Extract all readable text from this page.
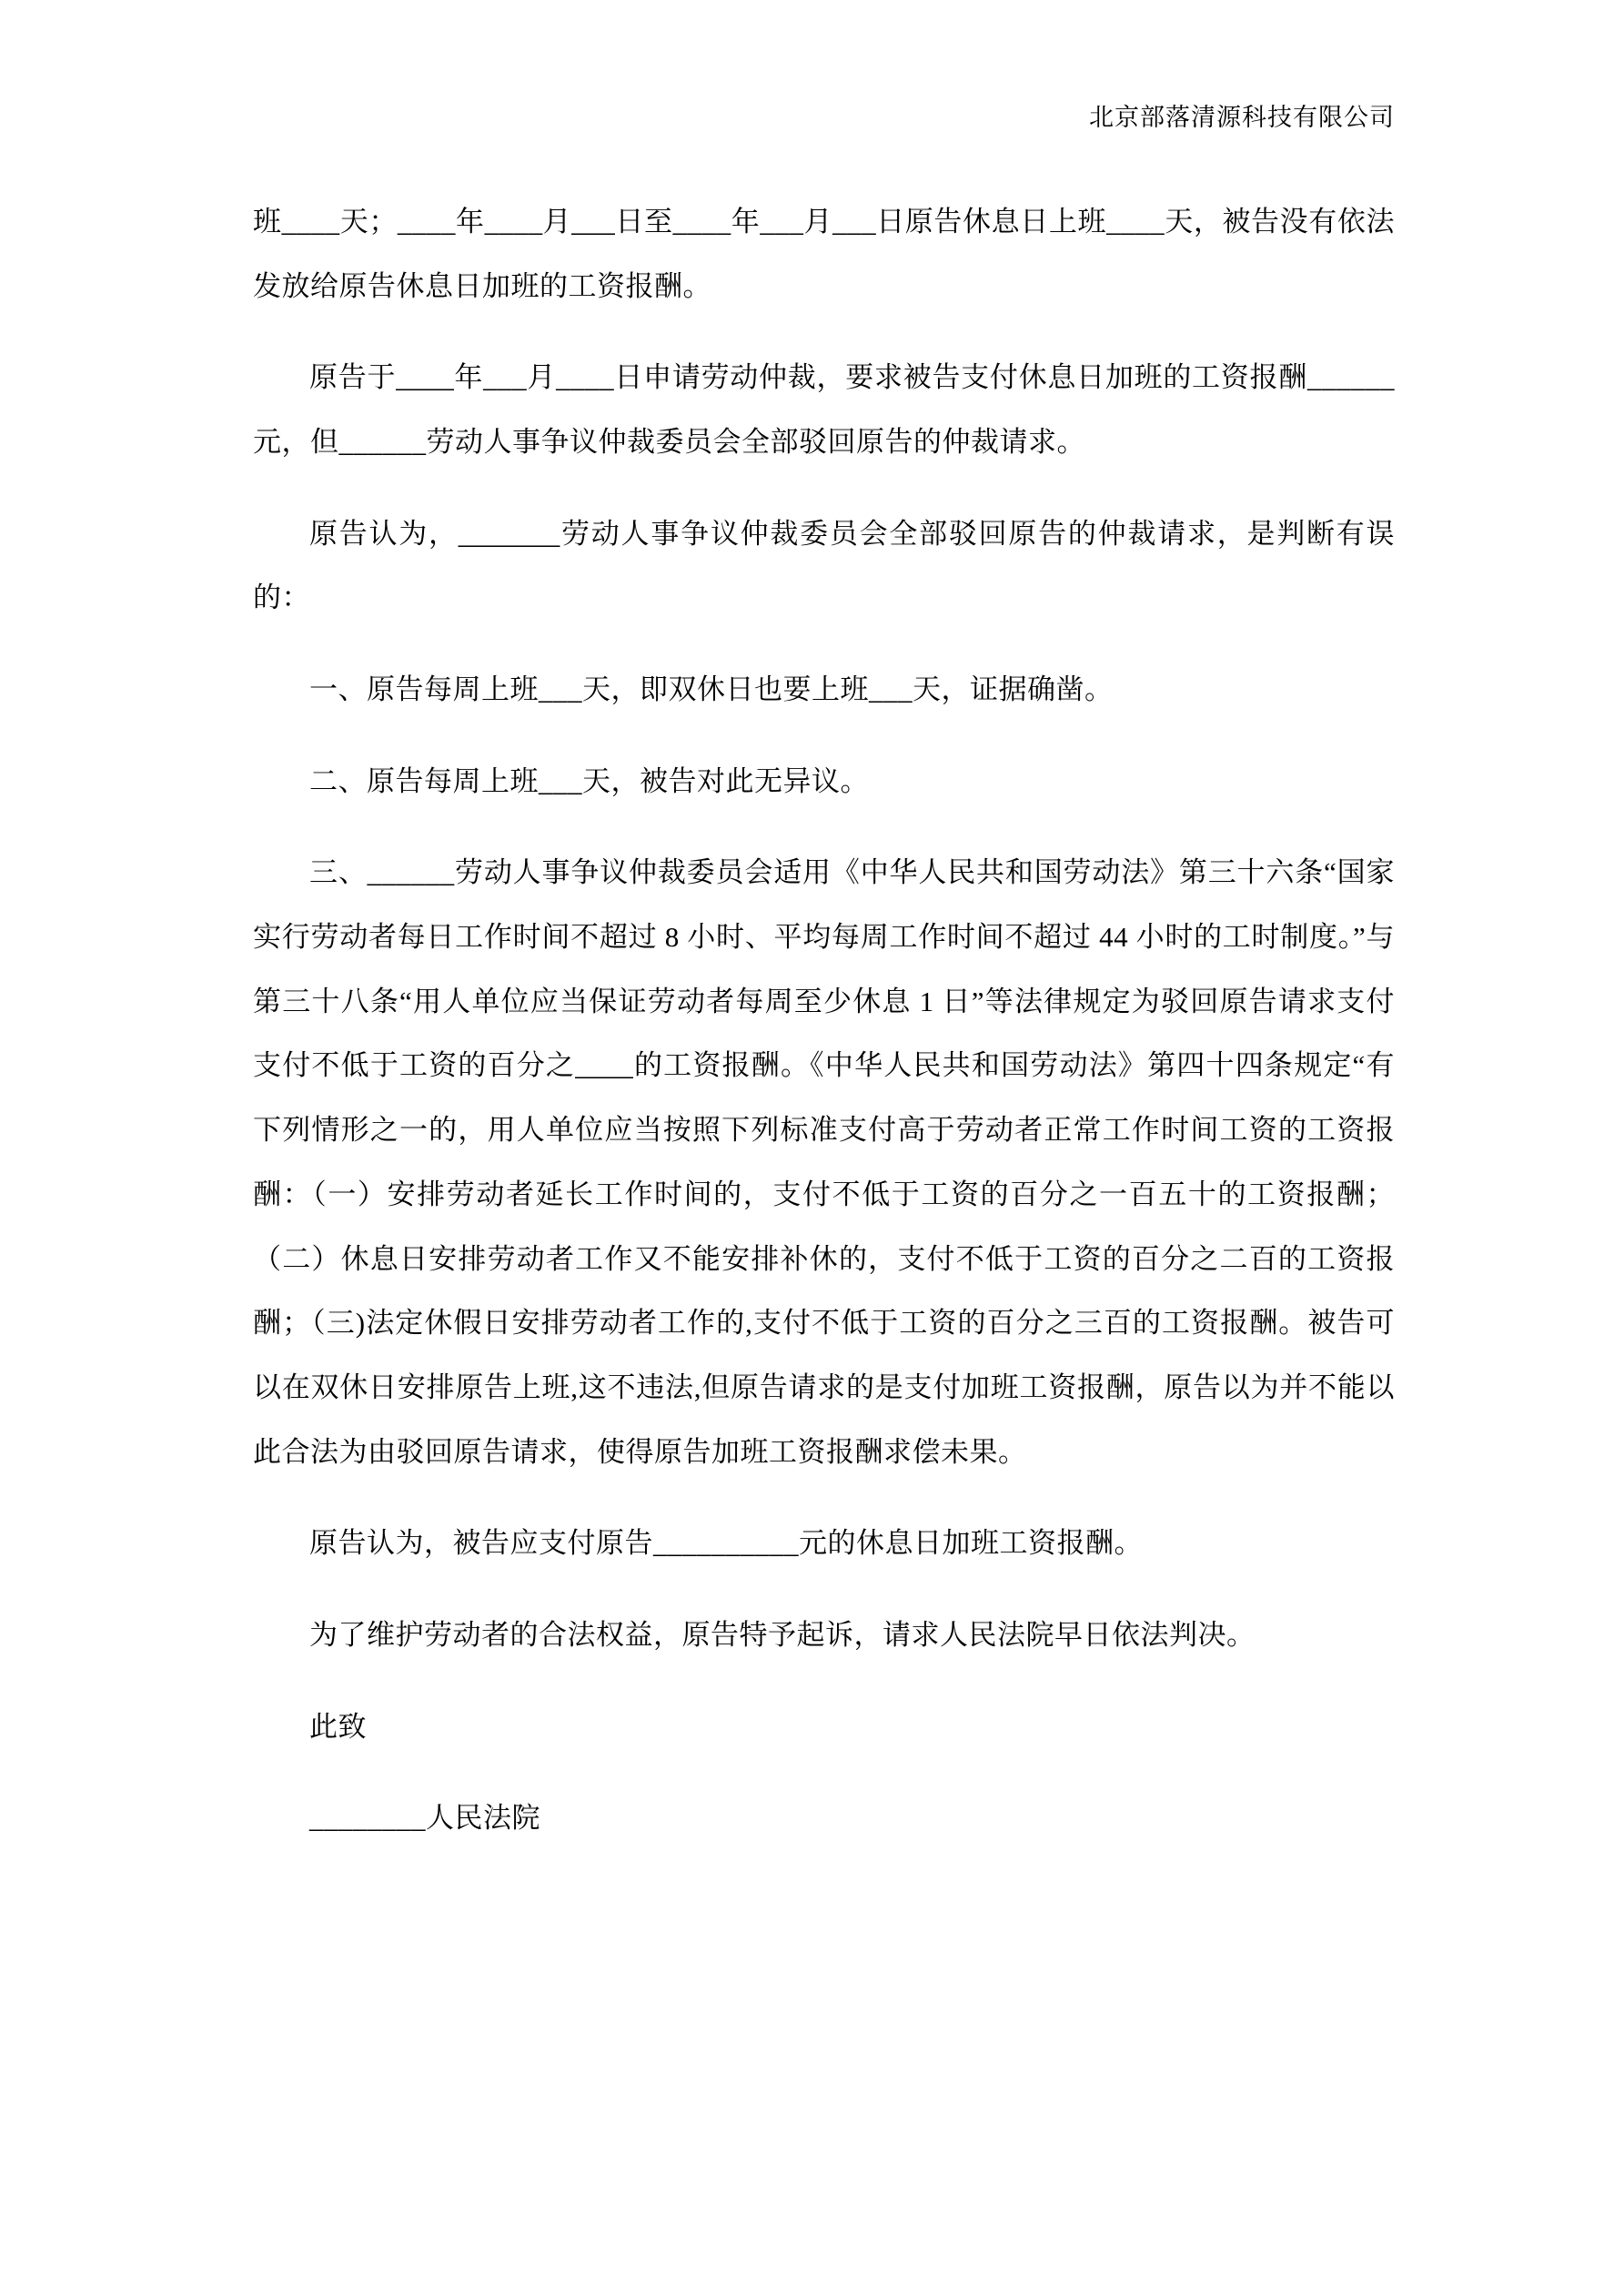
北京部落清源科技有限公司

班____天；____年____月___日至____年___月___日原告休息日上班____天，被告没有依法发放给原告休息日加班的工资报酬。

原告于____年___月____日申请劳动仲裁，要求被告支付休息日加班的工资报酬______元，但______劳动人事争议仲裁委员会全部驳回原告的仲裁请求。

原告认为，_______劳动人事争议仲裁委员会全部驳回原告的仲裁请求，是判断有误的：

一、原告每周上班___天，即双休日也要上班___天，证据确凿。

二、原告每周上班___天，被告对此无异议。

三、______劳动人事争议仲裁委员会适用《中华人民共和国劳动法》第三十六条“国家实行劳动者每日工作时间不超过 8 小时、平均每周工作时间不超过 44 小时的工时制度。”与第三十八条“用人单位应当保证劳动者每周至少休息 1 日”等法律规定为驳回原告请求支付支付不低于工资的百分之____的工资报酬。《中华人民共和国劳动法》第四十四条规定“有下列情形之一的，用人单位应当按照下列标准支付高于劳动者正常工作时间工资的工资报酬：（一）安排劳动者延长工作时间的，支付不低于工资的百分之一百五十的工资报酬；（二）休息日安排劳动者工作又不能安排补休的，支付不低于工资的百分之二百的工资报酬；（三)法定休假日安排劳动者工作的,支付不低于工资的百分之三百的工资报酬。被告可以在双休日安排原告上班,这不违法,但原告请求的是支付加班工资报酬，原告以为并不能以此合法为由驳回原告请求，使得原告加班工资报酬求偿未果。

原告认为，被告应支付原告__________元的休息日加班工资报酬。

为了维护劳动者的合法权益，原告特予起诉，请求人民法院早日依法判决。

此致

________人民法院
